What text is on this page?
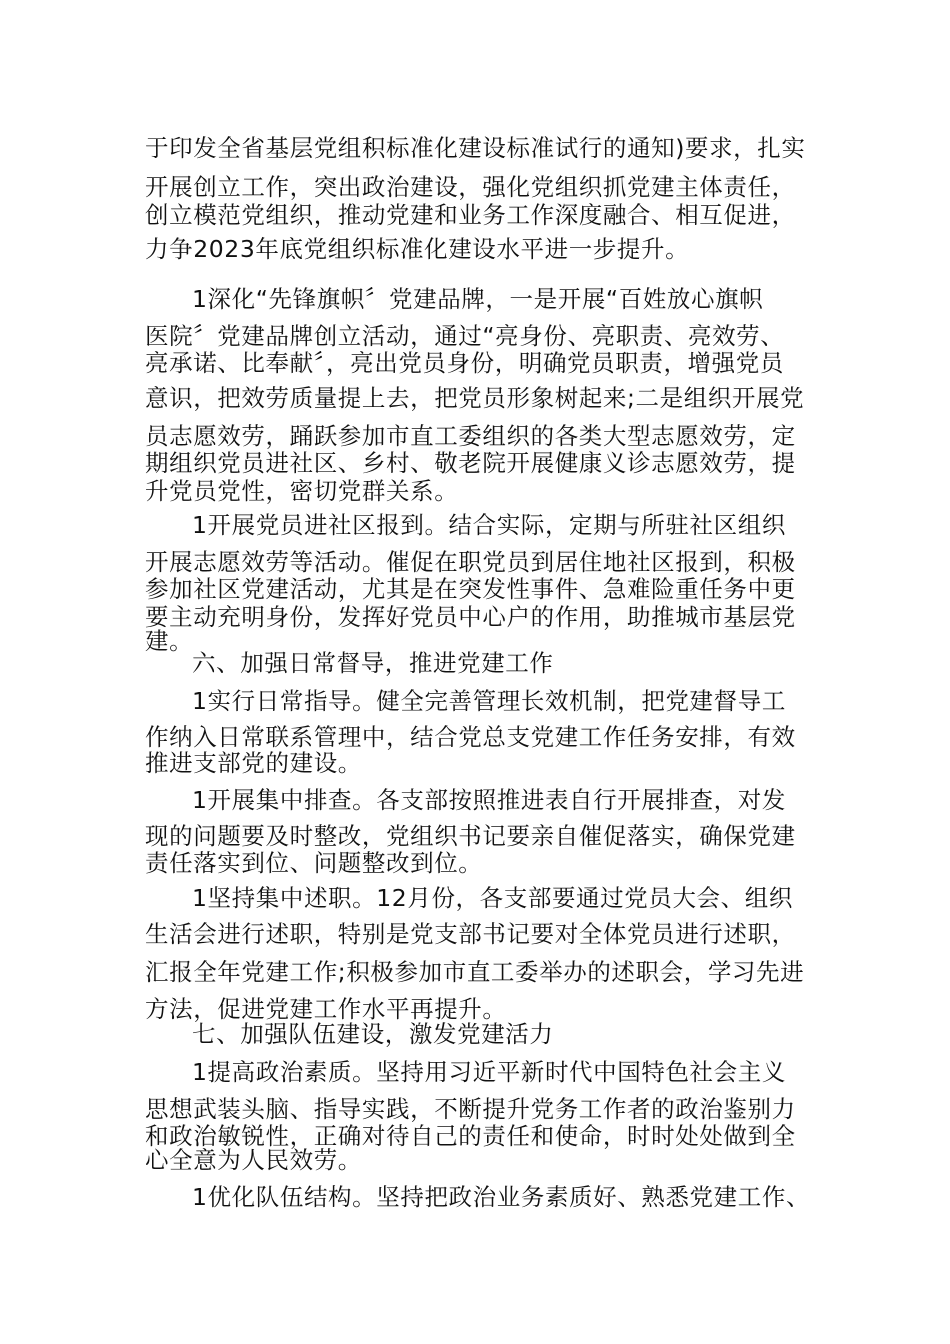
于印发全省基层党组积标准化建设标准试行的通知)要求，扎实
开展创立工作，突出政治建设，强化党组织抓党建主体责任，
创立模范党组织，推动党建和业务工作深度融合、相互促进，
力争2023年底党组织标准化建设水平进一步提升。
1深化“先锋旗帜〞党建品牌，一是开展“百姓放心旗帜
医院〞党建品牌创立活动，通过“亮身份、亮职责、亮效劳、
亮承诺、比奉献〞，亮出党员身份，明确党员职责，增强党员
意识，把效劳质量提上去，把党员形象树起来;二是组织开展党
员志愿效劳，踊跃参加市直工委组织的各类大型志愿效劳，定
期组织党员进社区、乡村、敬老院开展健康义诊志愿效劳，提
升党员党性，密切党群关系。
1开展党员进社区报到。结合实际，定期与所驻社区组织
开展志愿效劳等活动。催促在职党员到居住地社区报到，积极
参加社区党建活动，尤其是在突发性事件、急难险重任务中更
要主动充明身份，发挥好党员中心户的作用，助推城市基层党
建。
六、加强日常督导，推进党建工作
1实行日常指导。健全完善管理长效机制，把党建督导工
作纳入日常联系管理中，结合党总支党建工作任务安排，有效
推进支部党的建设。
1开展集中排查。各支部按照推进表自行开展排查，对发
现的问题要及时整改，党组织书记要亲自催促落实，确保党建
责任落实到位、问题整改到位。
1坚持集中述职。12月份，各支部要通过党员大会、组织
生活会进行述职，特别是党支部书记要对全体党员进行述职，
汇报全年党建工作;积极参加市直工委举办的述职会，学习先进
方法，促进党建工作水平再提升。
七、加强队伍建设，激发党建活力
1提高政治素质。坚持用习近平新时代中国特色社会主义
思想武装头脑、指导实践，不断提升党务工作者的政治鉴别力
和政治敏锐性，正确对待自己的责任和使命，时时处处做到全
心全意为人民效劳。
1优化队伍结构。坚持把政治业务素质好、熟悉党建工作、
